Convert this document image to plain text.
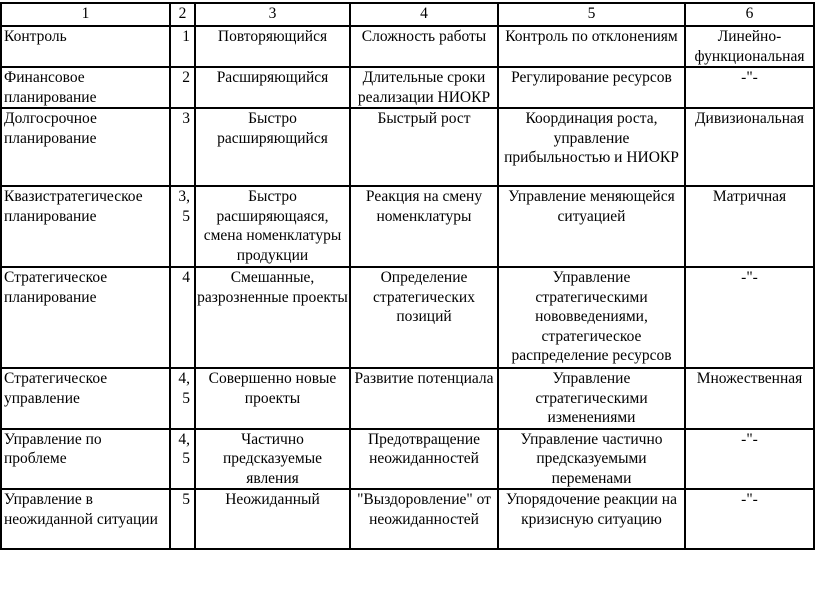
1	2	3	4	5	6
Контроль	1	Повторяющийся	Сложность работы	Контроль по отклонениям	Линейно-функциональная
Финансовое планирование	2	Расширяющийся	Длительные сроки реализации НИОКР	Регулирование ресурсов	-"-
Долгосрочное планирование	3	Быстро расширяющийся	Быстрый рост	Координация роста, управление прибыльностью и НИОКР	Дивизиональная
Квазистратегическое планирование	3,5	Быстро расширяющаяся, смена номенклатуры продукции	Реакция на смену номенклатуры	Управление меняющейся ситуацией	Матричная
Стратегическое планирование	4	Смешанные, разрозненные проекты	Определение стратегических позиций	Управление стратегическими нововведениями, стратегическое распределение ресурсов	-"-
Стратегическое управление	4,5	Совершенно новые проекты	Развитие потенциала	Управление стратегическими изменениями	Множественная
Управление по проблеме	4,5	Частично предсказуемые явления	Предотвращение неожиданностей	Управление частично предсказуемыми переменами	-"-
Управление в неожиданной ситуации	5	Неожиданный	"Выздоровление" от неожиданностей	Упорядочение реакции на кризисную ситуацию	-"-
